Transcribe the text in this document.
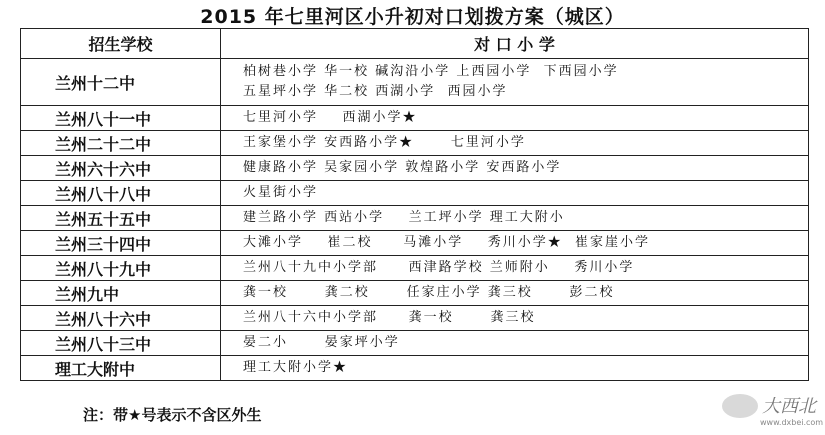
2015 年七里河区小升初对口划拨方案（城区）
招生学校	对 口 小 学
兰州十二中	柏树巷小学 华一校 碱沟沿小学 上西园小学  下西园小学
五星坪小学 华二校 西湖小学  西园小学
兰州八十一中	七里河小学    西湖小学★
兰州二十二中	王家堡小学 安西路小学★      七里河小学
兰州六十六中	健康路小学 吴家园小学 敦煌路小学 安西路小学
兰州八十八中	火星街小学
兰州五十五中	建兰路小学 西站小学    兰工坪小学 理工大附小
兰州三十四中	大滩小学    崔二校     马滩小学    秀川小学★  崔家崖小学
兰州八十九中	兰州八十九中小学部     西津路学校 兰师附小    秀川小学
兰州九中	龚一校      龚二校      任家庄小学 龚三校      彭二校
兰州八十六中	兰州八十六中小学部     龚一校      龚三校
兰州八十三中	晏二小      晏家坪小学
理工大附中	理工大附小学★
注：带★号表示不含区外生	大西北
www.dxbei.com
